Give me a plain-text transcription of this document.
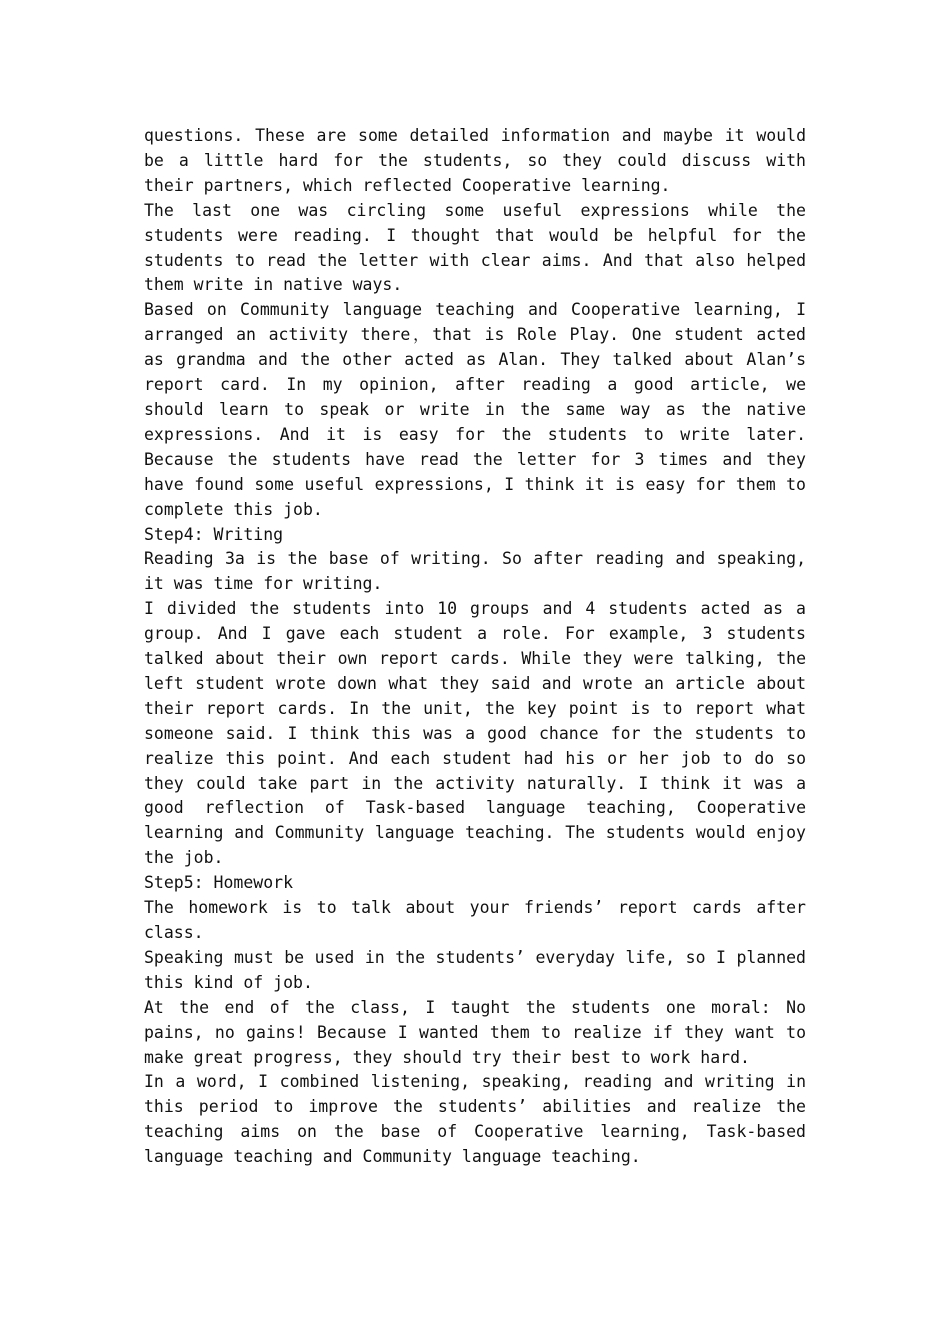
questions. These are some detailed information and maybe it would be a little hard for the students, so they could discuss with their partners, which reflected Cooperative learning.

The last one was circling some useful expressions while the students were reading. I thought that would be helpful for the students to read the letter with clear aims. And that also helped them write in native ways.

Based on Community language teaching and Cooperative learning, I arranged an activity there，that is Role Play. One student acted as grandma and the other acted as Alan. They talked about Alan’s report card. In my opinion, after reading a good article, we should learn to speak or write in the same way as the native expressions. And it is easy for the students to write later. Because the students have read the letter for 3 times and they have found some useful expressions, I think it is easy for them to complete this job.

Step4: Writing

Reading 3a is the base of writing. So after reading and speaking, it was time for writing.

I divided the students into 10 groups and 4 students acted as a group. And I gave each student a role. For example, 3 students talked about their own report cards. While they were talking, the left student wrote down what they said and wrote an article about their report cards. In the unit, the key point is to report what someone said. I think this was a good chance for the students to realize this point. And each student had his or her job to do so they could take part in the activity naturally. I think it was a good reflection of Task-based language teaching, Cooperative learning and Community language teaching. The students would enjoy the job.

Step5: Homework

The homework is to talk about your friends’ report cards after class.

Speaking must be used in the students’ everyday life, so I planned this kind of job.

At the end of the class, I taught the students one moral: No pains, no gains! Because I wanted them to realize if they want to make great progress, they should try their best to work hard.

In a word, I combined listening, speaking, reading and writing in this period to improve the students’ abilities and realize the teaching aims on the base of Cooperative learning, Task-based language teaching and Community language teaching.
